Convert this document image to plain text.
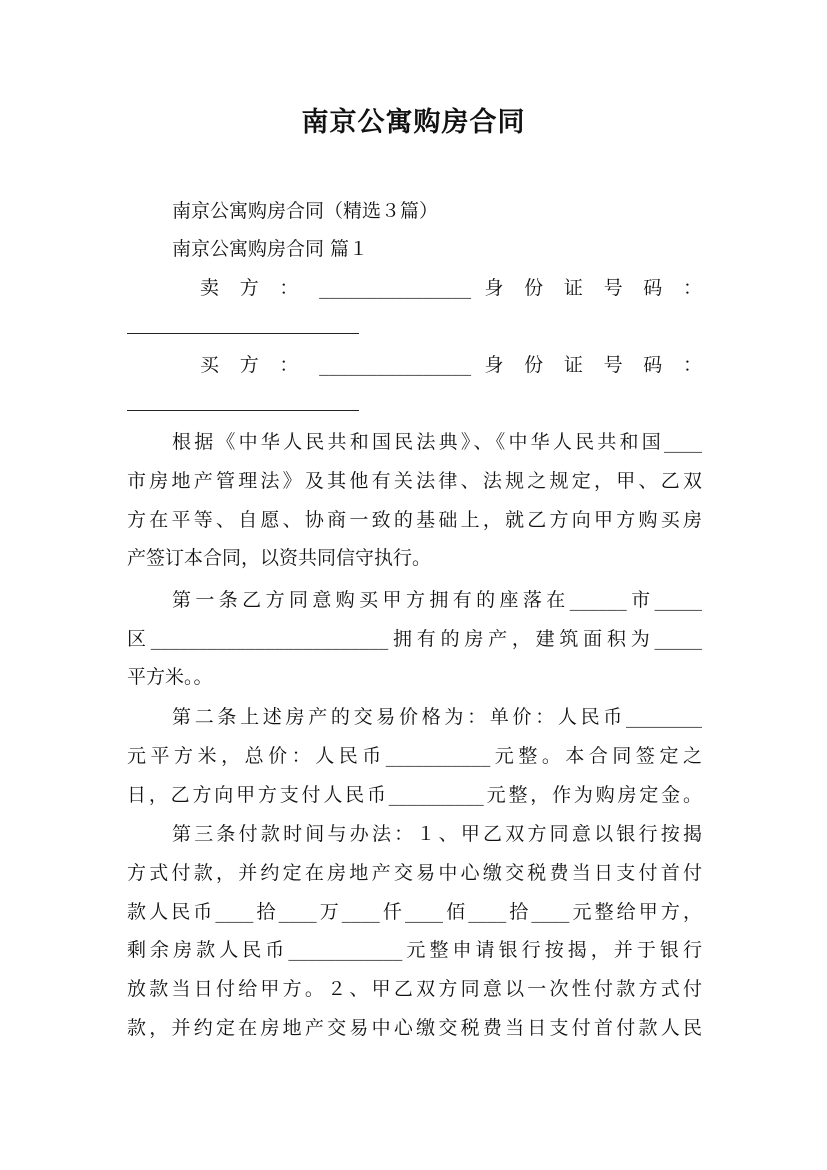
南京公寓购房合同
南京公寓购房合同（精选３篇）
南京公寓购房合同 篇１
卖 方 ： ________________ 身 份 证 号 码 ：
买 方 ： ________________ 身 份 证 号 码 ：
根据《中华人民共和国民法典》、《中华人民共和国____
市房地产管理法》及其他有关法律、法规之规定，甲、乙双
方在平等、自愿、协商一致的基础上，就乙方向甲方购买房
产签订本合同，以资共同信守执行。
第一条乙方同意购买甲方拥有的座落在______市_____
区_________________________拥有的房产，建筑面积为_____
平方米。。
第二条上述房产的交易价格为：单价：人民币________
元平方米，总价：人民币___________元整。本合同签定之
日，乙方向甲方支付人民币__________元整，作为购房定金。
第三条付款时间与办法：１、甲乙双方同意以银行按揭
方式付款，并约定在房地产交易中心缴交税费当日支付首付
款人民币____拾____万____仟____佰____拾____元整给甲方，
剩余房款人民币____________元整申请银行按揭，并于银行
放款当日付给甲方。２、甲乙双方同意以一次性付款方式付
款，并约定在房地产交易中心缴交税费当日支付首付款人民
